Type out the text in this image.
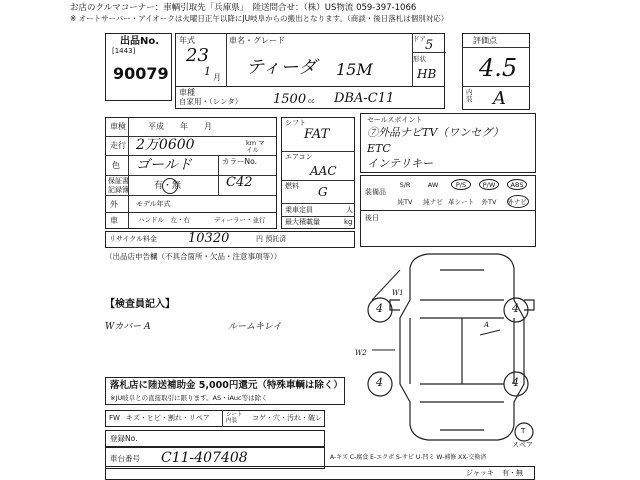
お店のクルマコーナー：車輌引取先「兵庫県」　陸送問合せ：（株）US物流 059-397-1066
※ オートサーバー・アイオークは火曜日正午以降にJU岐阜からの搬出となります。（商談・後日落札は個別対応）
出品No.
[1443]
90079
年式
23
1 月
車名・グレード
ティーダ 15M
ドア 5
形状
HB
評価点
4.5
内装 A
車種
自家用・（レンタ） 1500 cc DBA-C11
車検	平成　　年　　月
走行 2万0600	km マイル
色 ゴールド	カラーNo.
C42
保証書
記録簿	有・無
外	モデル年式
車	ハンドル　左・右	ディーラー・並行
シフト
FAT
エアコン
AAC
燃料 G
乗車定員	人
最大積載量	kg
セールスポイント
⑦外品ナビTV（ワンセグ）
ETC
インテリキー
装備品
S/R	AW	P/S	P/W	ABS
純TV	純ナビ 革シート	外TV	外ナビ
後日
リサイクル料金 10320	円 預託済
（出品店申告欄（不具合箇所・欠品・注意事項等））
【検査員記入】
Wカバー A	ルームキレイ
落札店に陸送補助金 5,000円還元（特殊車輌は除く）
※JU岐阜との直接取引に限ります。AS・iAuc等は除く
FW キズ・ヒビ・割れ・リペア	シート内装	コゲ・穴・汚れ・破レ
登録No.
車台番号 C11-407408
ジャッキ 有・無
4	4
4	4
T
W1
W2
A
スペア
A-キズ C-腐食 E-エクボ S-サビ U-凹ミ W-補修 XX-交換済
